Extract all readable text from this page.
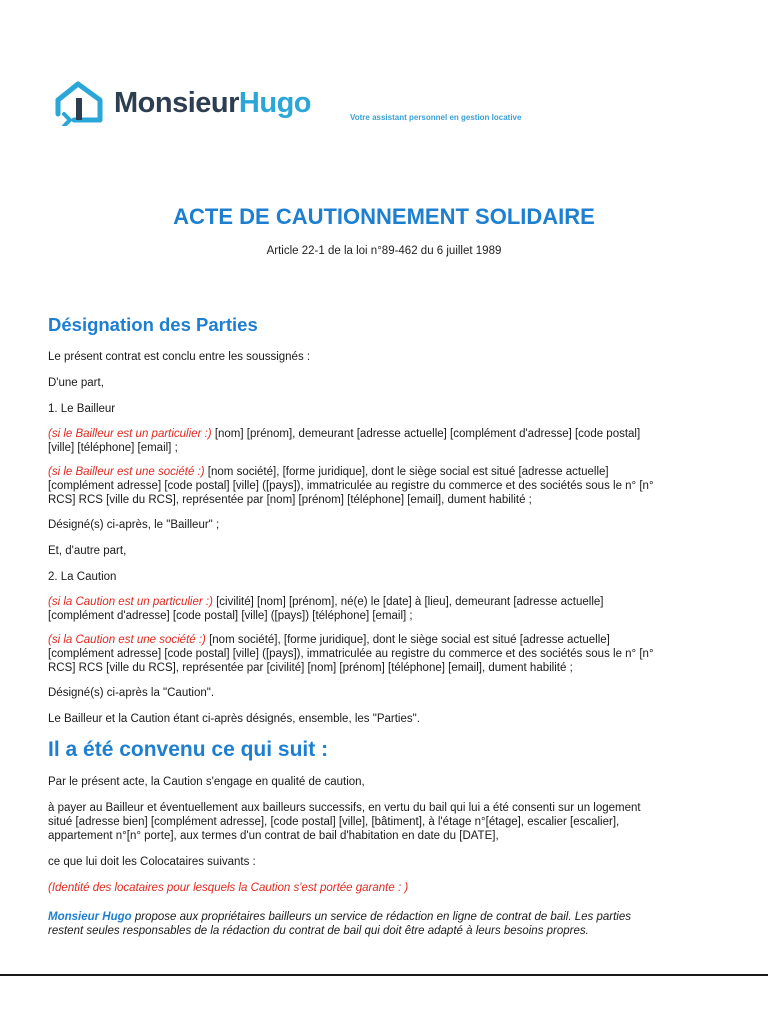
MonsieurHugo	Votre assistant personnel en gestion locative
ACTE DE CAUTIONNEMENT SOLIDAIRE
Article 22-1 de la loi n°89-462 du 6 juillet 1989
Désignation des Parties
Le présent contrat est conclu entre les soussignés :
D'une part,
1. Le Bailleur
(si le Bailleur est un particulier :) [nom] [prénom], demeurant [adresse actuelle] [complément d'adresse] [code postal]
[ville] [téléphone] [email] ;
(si le Bailleur est une société :) [nom société], [forme juridique], dont le siège social est situé [adresse actuelle]
[complément adresse] [code postal] [ville] ([pays]), immatriculée au registre du commerce et des sociétés sous le n° [n°
RCS] RCS [ville du RCS], représentée par [nom] [prénom] [téléphone] [email], dument habilité ;
Désigné(s) ci-après, le "Bailleur" ;
Et, d'autre part,
2. La Caution
(si la Caution est un particulier :) [civilité] [nom] [prénom], né(e) le [date] à [lieu], demeurant [adresse actuelle]
[complément d'adresse] [code postal] [ville] ([pays]) [téléphone] [email] ;
(si la Caution est une société :) [nom société], [forme juridique], dont le siège social est situé [adresse actuelle]
[complément adresse] [code postal] [ville] ([pays]), immatriculée au registre du commerce et des sociétés sous le n° [n°
RCS] RCS [ville du RCS], représentée par [civilité] [nom] [prénom] [téléphone] [email], dument habilité ;
Désigné(s) ci-après la "Caution".
Le Bailleur et la Caution étant ci-après désignés, ensemble, les "Parties".
Il a été convenu ce qui suit :
Par le présent acte, la Caution s'engage en qualité de caution,
à payer au Bailleur et éventuellement aux bailleurs successifs, en vertu du bail qui lui a été consenti sur un logement
situé [adresse bien] [complément adresse], [code postal] [ville], [bâtiment], à l'étage n°[étage], escalier [escalier],
appartement n°[n° porte], aux termes d'un contrat de bail d'habitation en date du [DATE],
ce que lui doit les Colocataires suivants :
(Identité des locataires pour lesquels la Caution s'est portée garante : )
Monsieur Hugo propose aux propriétaires bailleurs un service de rédaction en ligne de contrat de bail. Les parties
restent seules responsables de la rédaction du contrat de bail qui doit être adapté à leurs besoins propres.
